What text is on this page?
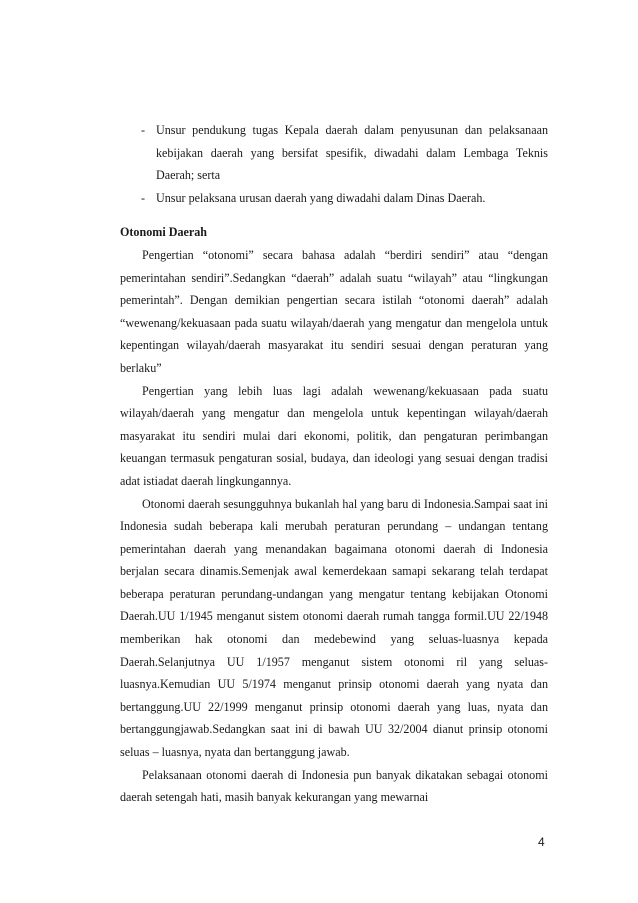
- Unsur pendukung tugas Kepala daerah dalam penyusunan dan pelaksanaan kebijakan daerah yang bersifat spesifik, diwadahi dalam Lembaga Teknis Daerah; serta

- Unsur pelaksana urusan daerah yang diwadahi dalam Dinas Daerah.

Otonomi Daerah

Pengertian “otonomi” secara bahasa adalah “berdiri sendiri” atau “dengan pemerintahan sendiri”.Sedangkan “daerah” adalah suatu “wilayah” atau “lingkungan pemerintah”. Dengan demikian pengertian secara istilah “otonomi daerah” adalah “wewenang/kekuasaan pada suatu wilayah/daerah yang mengatur dan mengelola untuk kepentingan wilayah/daerah masyarakat itu sendiri sesuai dengan peraturan yang berlaku”

Pengertian yang lebih luas lagi adalah wewenang/kekuasaan pada suatu wilayah/daerah yang mengatur dan mengelola untuk kepentingan wilayah/daerah masyarakat itu sendiri mulai dari ekonomi, politik, dan pengaturan perimbangan keuangan termasuk pengaturan sosial, budaya, dan ideologi yang sesuai dengan tradisi adat istiadat daerah lingkungannya.

Otonomi daerah sesungguhnya bukanlah hal yang baru di Indonesia.Sampai saat ini Indonesia sudah beberapa kali merubah peraturan perundang – undangan tentang pemerintahan daerah yang menandakan bagaimana otonomi daerah di Indonesia berjalan secara dinamis.Semenjak awal kemerdekaan samapi sekarang telah terdapat beberapa peraturan perundang-undangan yang mengatur tentang kebijakan Otonomi Daerah.UU 1/1945 menganut sistem otonomi daerah rumah tangga formil.UU 22/1948 memberikan hak otonomi dan medebewind yang seluas-luasnya kepada Daerah.Selanjutnya UU 1/1957 menganut sistem otonomi ril yang seluas-luasnya.Kemudian UU 5/1974 menganut prinsip otonomi daerah yang nyata dan bertanggung.UU 22/1999 menganut prinsip otonomi daerah yang luas, nyata dan bertanggungjawab.Sedangkan saat ini di bawah UU 32/2004 dianut prinsip otonomi seluas – luasnya, nyata dan bertanggung jawab.

Pelaksanaan otonomi daerah di Indonesia pun banyak dikatakan sebagai otonomi daerah setengah hati, masih banyak kekurangan yang mewarnai

4
